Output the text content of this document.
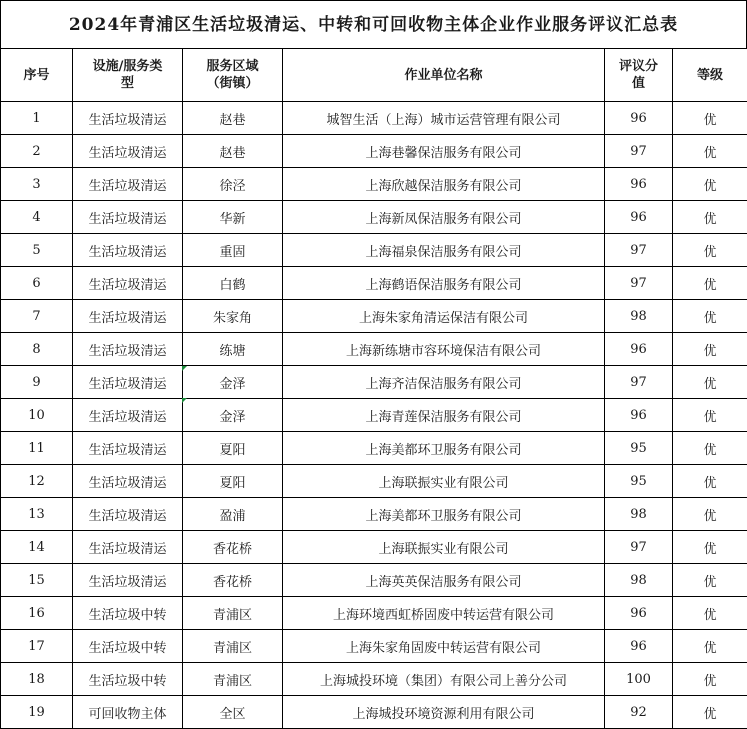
2024年青浦区生活垃圾清运、中转和可回收物主体企业作业服务评议汇总表
序号	设施/服务类型	服务区域（街镇）	作业单位名称	评议分值	等级
1	生活垃圾清运	赵巷	城智生活（上海）城市运营管理有限公司	96	优
2	生活垃圾清运	赵巷	上海巷馨保洁服务有限公司	97	优
3	生活垃圾清运	徐泾	上海欣越保洁服务有限公司	96	优
4	生活垃圾清运	华新	上海新凤保洁服务有限公司	96	优
5	生活垃圾清运	重固	上海福泉保洁服务有限公司	97	优
6	生活垃圾清运	白鹤	上海鹤语保洁服务有限公司	97	优
7	生活垃圾清运	朱家角	上海朱家角清运保洁有限公司	98	优
8	生活垃圾清运	练塘	上海新练塘市容环境保洁有限公司	96	优
9	生活垃圾清运	金泽	上海齐洁保洁服务有限公司	97	优
10	生活垃圾清运	金泽	上海青莲保洁服务有限公司	96	优
11	生活垃圾清运	夏阳	上海美都环卫服务有限公司	95	优
12	生活垃圾清运	夏阳	上海联振实业有限公司	95	优
13	生活垃圾清运	盈浦	上海美都环卫服务有限公司	98	优
14	生活垃圾清运	香花桥	上海联振实业有限公司	97	优
15	生活垃圾清运	香花桥	上海英英保洁服务有限公司	98	优
16	生活垃圾中转	青浦区	上海环境西虹桥固废中转运营有限公司	96	优
17	生活垃圾中转	青浦区	上海朱家角固废中转运营有限公司	96	优
18	生活垃圾中转	青浦区	上海城投环境（集团）有限公司上善分公司	100	优
19	可回收物主体	全区	上海城投环境资源利用有限公司	92	优
